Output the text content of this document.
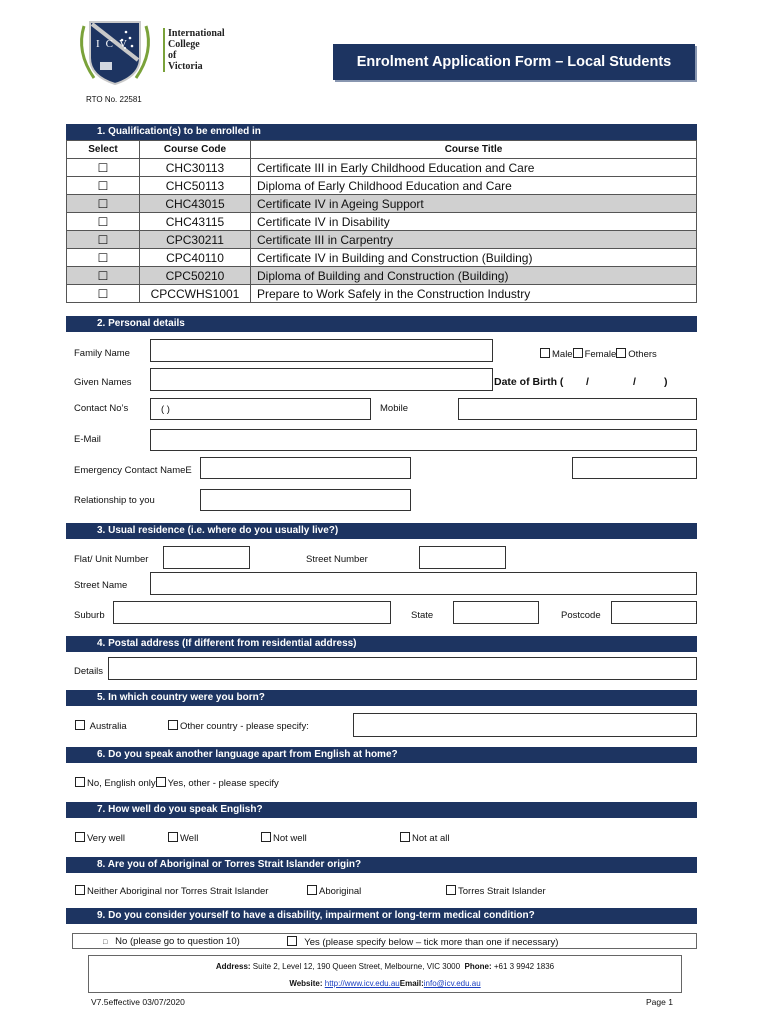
ICV
International
College
of
Victoria	Enrolment Application Form – Local Students
RTO No. 22581
1. Qualification(s) to be enrolled in
Select	Course Code	Course Title
☐	CHC30113	Certificate III in Early Childhood Education and Care
☐	CHC50113	Diploma of Early Childhood Education and Care
☐	CHC43015	Certificate IV in Ageing Support
☐	CHC43115	Certificate IV in Disability
☐	CPC30211	Certificate III in Carpentry
☐	CPC40110	Certificate IV in Building and Construction (Building)
☐	CPC50210	Diploma of Building and Construction (Building)
☐	CPCCWHS1001	Prepare to Work Safely in the Construction Industry
2. Personal details
Family Name	Male Female Others
Given Names	Date of Birth ( /	/	)
Contact No’s	( )	Mobile
E-Mail
Emergency Contact NameE
Relationship to you
3. Usual residence (i.e. where do you usually live?)
Flat/ Unit Number	Street Number
Street Name
Suburb	State	Postcode
4. Postal address (If different from residential address)
Details
5. In which country were you born?
Australia	Other country - please specify:
6. Do you speak another language apart from English at home?
No, English only Yes, other - please specify
7. How well do you speak English?
Very well	Well	Not well	Not at all
8. Are you of Aboriginal or Torres Strait Islander origin?
Neither Aboriginal nor Torres Strait Islander	Aboriginal	Torres Strait Islander
9. Do you consider yourself to have a disability, impairment or long-term medical condition?
□ No (please go to question 10)	Yes (please specify below – tick more than one if necessary)
Address: Suite 2, Level 12, 190 Queen Street, Melbourne, VIC 3000 Phone: +61 3 9942 1836
Website: http://www.icv.edu.auEmail:info@icv.edu.au
V7.5effective 03/07/2020	Page 1
